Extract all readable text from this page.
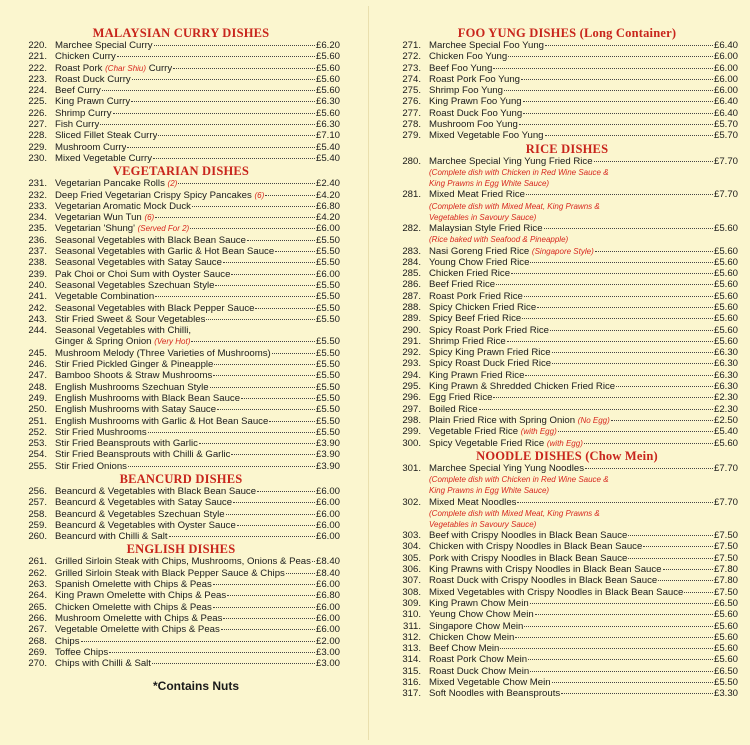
MALAYSIAN CURRY DISHES
220. Marchee Special Curry	£6.20
221. Chicken Curry	£5.60
222. Roast Pork (Char Shiu) Curry	£5.60
223. Roast Duck Curry	£5.60
224. Beef Curry	£5.60
225. King Prawn Curry	£6.30
226. Shrimp Curry	£5.60
227. Fish Curry	£6.30
228. Sliced Fillet Steak Curry	£7.10
229. Mushroom Curry	£5.40
230. Mixed Vegetable Curry	£5.40
VEGETARIAN DISHES
231. Vegetarian Pancake Rolls (2)	£2.40
232. Deep Fried Vegetarian Crispy Spicy Pancakes (6)	£4.20
233. Vegetarian Aromatic Mock Duck	£6.80
234. Vegetarian Wun Tun (6)	£4.20
235. Vegetarian 'Shung' (Served For 2)	£6.00
236. Seasonal Vegetables with Black Bean Sauce	£5.50
237. Seasonal Vegetables with Garlic & Hot Bean Sauce	£5.50
238. Seasonal Vegetables with Satay Sauce	£5.50
239. Pak Choi or Choi Sum with Oyster Sauce	£6.00
240. Seasonal Vegetables Szechuan Style	£5.50
241. Vegetable Combination	£5.50
242. Seasonal Vegetables with Black Pepper Sauce	£5.50
243. Stir Fried Sweet & Sour Vegetables	£5.50
244. Seasonal Vegetables with Chilli,
Ginger & Spring Onion (Very Hot)	£5.50
245. Mushroom Melody (Three Varieties of Mushrooms)	£5.50
246. Stir Fried Pickled Ginger & Pineapple	£5.50
247. Bamboo Shoots & Straw Mushrooms	£5.50
248. English Mushrooms Szechuan Style	£5.50
249. English Mushrooms with Black Bean Sauce	£5.50
250. English Mushrooms with Satay Sauce	£5.50
251. English Mushrooms with Garlic & Hot Bean Sauce	£5.50
252. Stir Fried Mushrooms	£5.50
253. Stir Fried Beansprouts with Garlic	£3.90
254. Stir Fried Beansprouts with Chilli & Garlic	£3.90
255. Stir Fried Onions	£3.90
BEANCURD DISHES
256. Beancurd & Vegetables with Black Bean Sauce	£6.00
257. Beancurd & Vegetables with Satay Sauce	£6.00
258. Beancurd & Vegetables Szechuan Style	£6.00
259. Beancurd & Vegetables with Oyster Sauce	£6.00
260. Beancurd with Chilli & Salt	£6.00
ENGLISH DISHES
261. Grilled Sirloin Steak with Chips, Mushrooms, Onions & Peas £8.40
262. Grilled Sirloin Steak with Black Pepper Sauce & Chips	£8.40
263. Spanish Omelette with Chips & Peas	£6.00
264. King Prawn Omelette with Chips & Peas	£6.80
265. Chicken Omelette with Chips & Peas	£6.00
266. Mushroom Omelette with Chips & Peas	£6.00
267. Vegetable Omelette with Chips & Peas	£6.00
268. Chips	£2.00
269. Toffee Chips	£3.00
270. Chips with Chilli & Salt	£3.00
*Contains Nuts
FOO YUNG DISHES (Long Container)
271. Marchee Special Foo Yung	£6.40
272. Chicken Foo Yung	£6.00
273. Beef Foo Yung	£6.00
274. Roast Pork Foo Yung	£6.00
275. Shrimp Foo Yung	£6.00
276. King Prawn Foo Yung	£6.40
277. Roast Duck Foo Yung	£6.40
278. Mushroom Foo Yung	£5.70
279. Mixed Vegetable Foo Yung	£5.70
RICE DISHES
280. Marchee Special Ying Yung Fried Rice	£7.70
(Complete dish with Chicken in Red Wine Sauce &
King Prawns in Egg White Sauce)
281. Mixed Meat Fried Rice	£7.70
(Complete dish with Mixed Meat, King Prawns &
Vegetables in Savoury Sauce)
282. Malaysian Style Fried Rice	£5.60
(Rice baked with Seafood & Pineapple)
283. Nasi Goreng Fried Rice (Singapore Style)	£5.60
284. Young Chow Fried Rice	£5.60
285. Chicken Fried Rice	£5.60
286. Beef Fried Rice	£5.60
287. Roast Pork Fried Rice	£5.60
288. Spicy Chicken Fried Rice	£5.60
289. Spicy Beef Fried Rice	£5.60
290. Spicy Roast Pork Fried Rice	£5.60
291. Shrimp Fried Rice	£5.60
292. Spicy King Prawn Fried Rice	£6.30
293. Spicy Roast Duck Fried Rice	£6.30
294. King Prawn Fried Rice	£6.30
295. King Prawn & Shredded Chicken Fried Rice	£6.30
296. Egg Fried Rice	£2.30
297. Boiled Rice	£2.30
298. Plain Fried Rice with Spring Onion (No Egg)	£2.50
299. Vegetable Fried Rice (with Egg)	£5.40
300. Spicy Vegetable Fried Rice (with Egg)	£5.60
NOODLE DISHES (Chow Mein)
301. Marchee Special Ying Yung Noodles	£7.70
(Complete dish with Chicken in Red Wine Sauce &
King Prawns in Egg White Sauce)
302. Mixed Meat Noodles	£7.70
(Complete dish with Mixed Meat, King Prawns &
Vegetables in Savoury Sauce)
303. Beef with Crispy Noodles in Black Bean Sauce	£7.50
304. Chicken with Crispy Noodles in Black Bean Sauce	£7.50
305. Pork with Crispy Noodles in Black Bean Sauce	£7.50
306. King Prawns with Crispy Noodles in Black Bean Sauce	£7.80
307. Roast Duck with Crispy Noodles in Black Bean Sauce	£7.80
308. Mixed Vegetables with Crispy Noodles in Black Bean Sauce	£7.50
309. King Prawn Chow Mein	£6.50
310. Yeung Chow Chow Mein	£5.60
311. Singapore Chow Mein	£5.60
312. Chicken Chow Mein	£5.60
313. Beef Chow Mein	£5.60
314. Roast Pork Chow Mein	£5.60
315. Roast Duck Chow Mein	£6.50
316. Mixed Vegetable Chow Mein	£5.50
317. Soft Noodles with Beansprouts	£3.30
